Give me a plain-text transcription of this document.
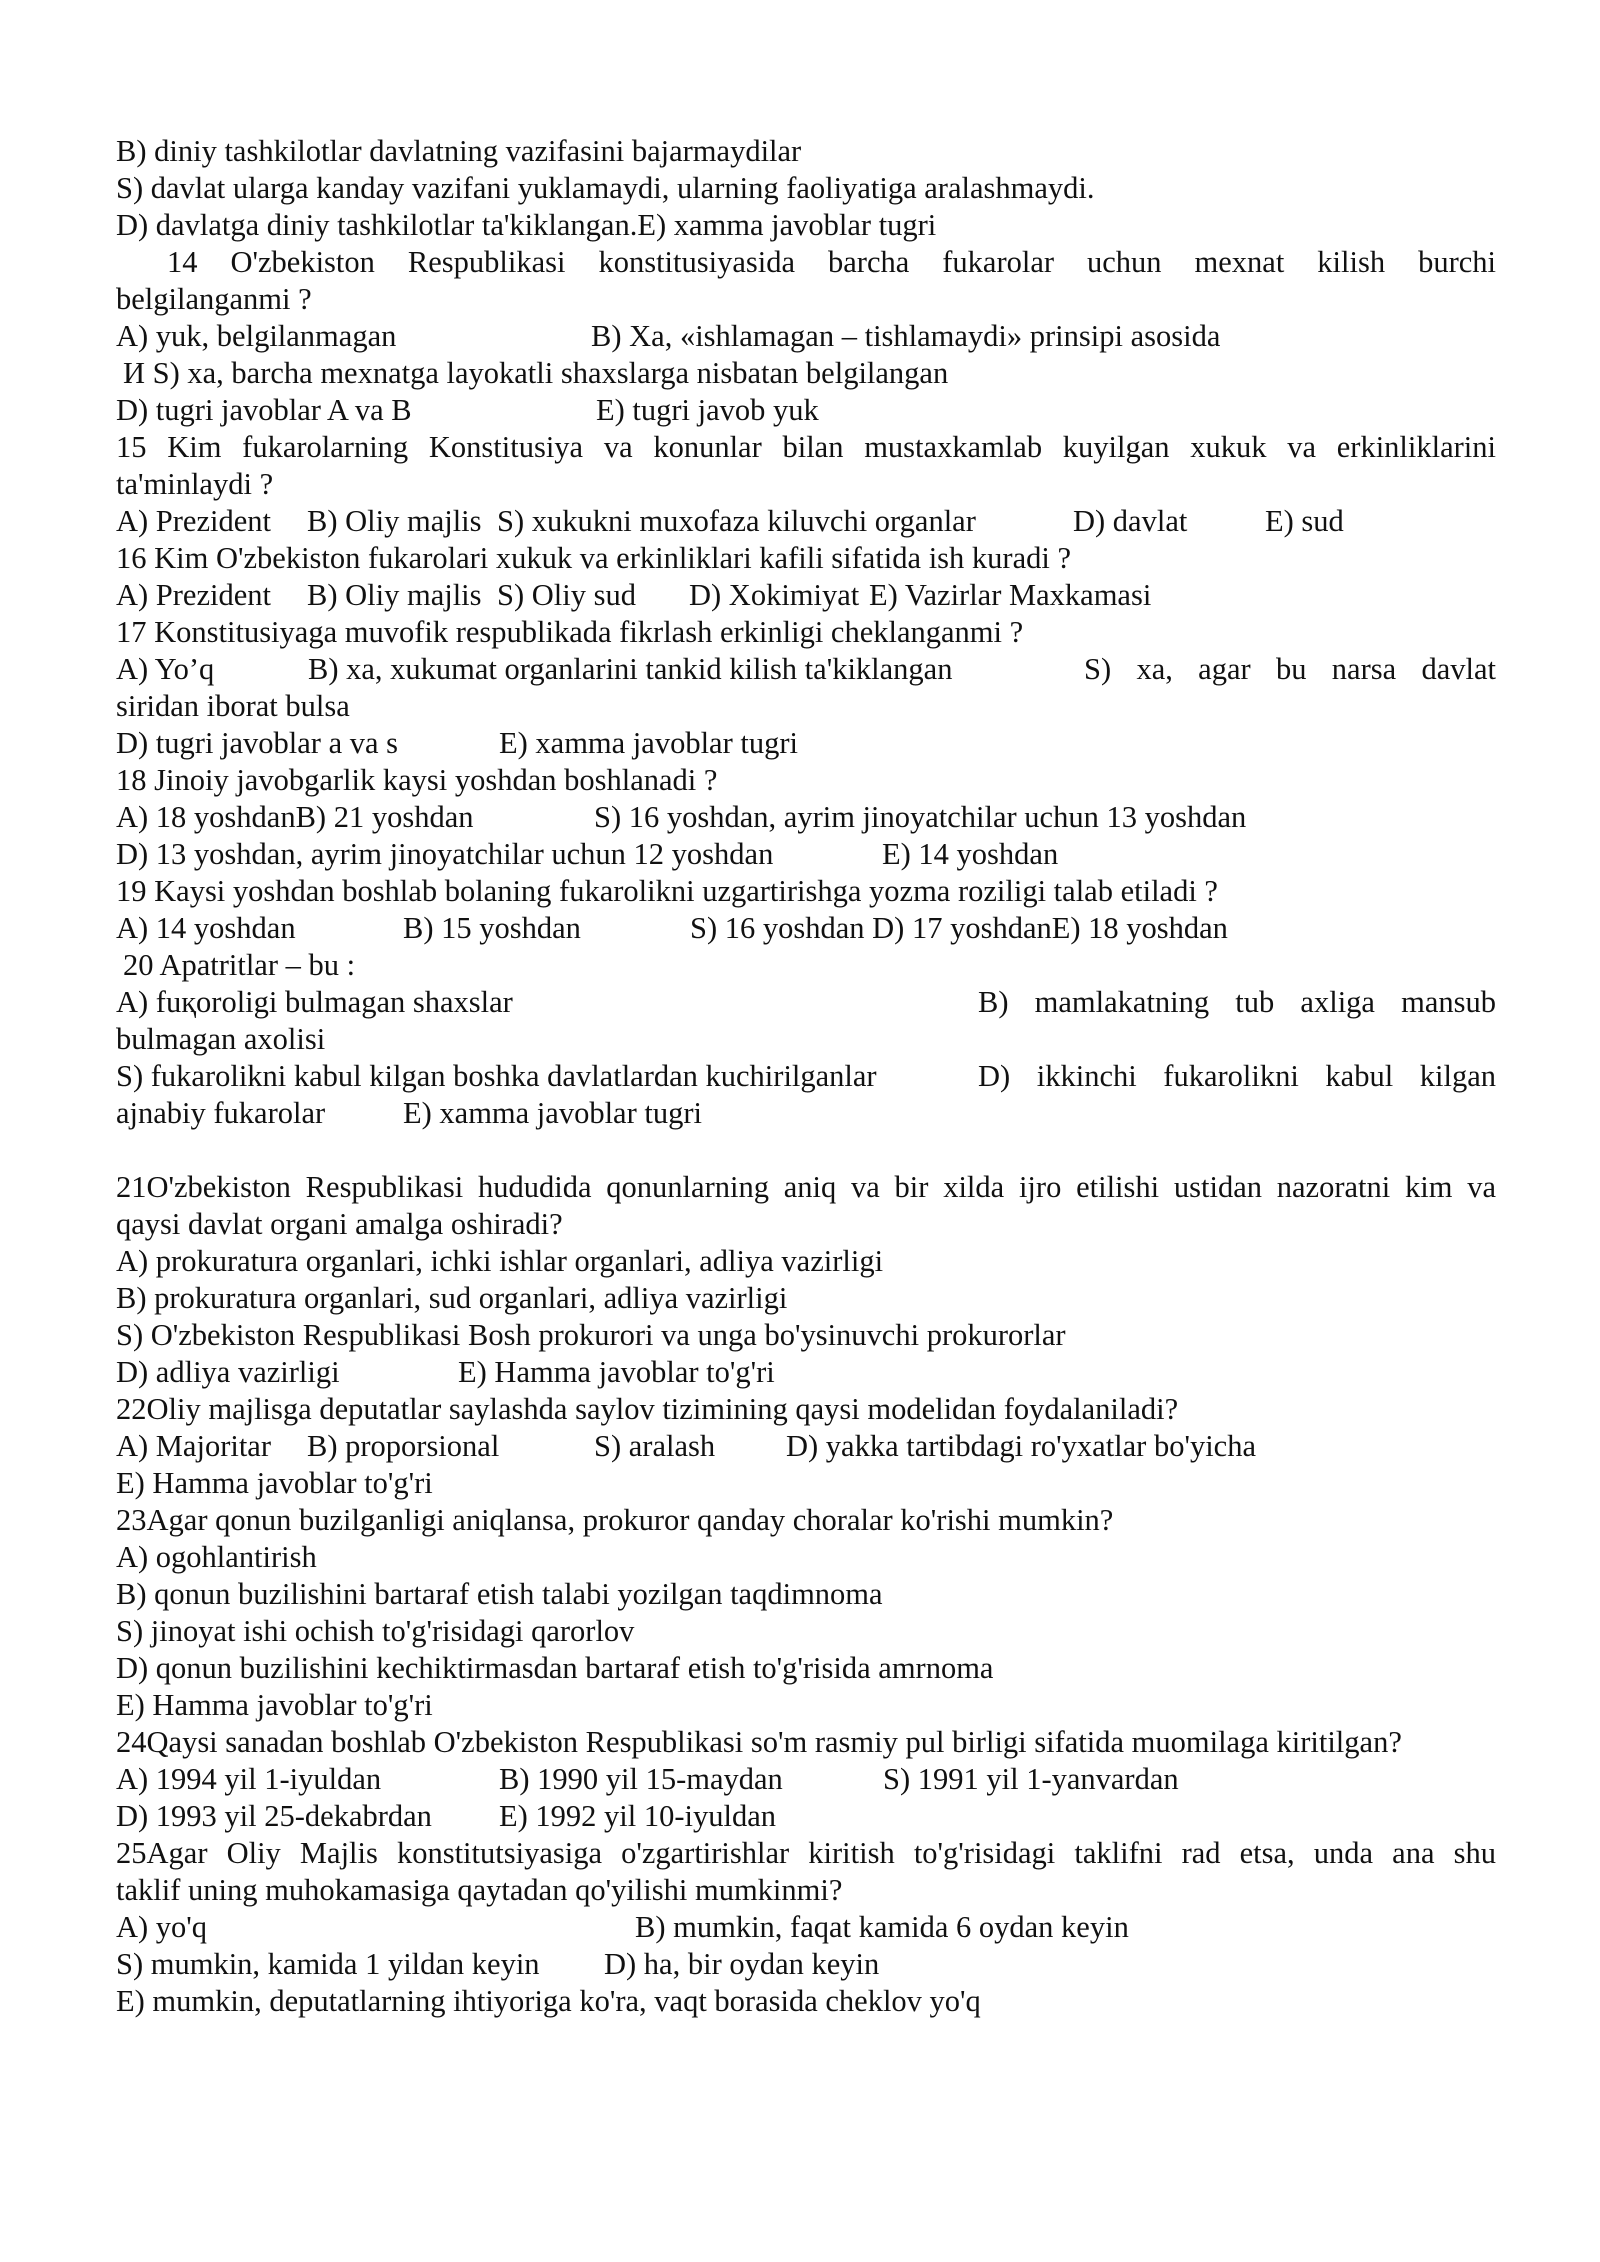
B) diniy tashkilotlar davlatning vazifasini bajarmaydilar
S) davlat ularga kanday vazifani yuklamaydi, ularning faoliyatiga aralashmaydi.
D) davlatga diniy tashkilotlar ta'kiklangan.E) xamma javoblar tugri
14 O'zbekiston Respublikasi konstitusiyasida barcha fukarolar uchun mexnat kilish burchi
belgilanganmi ?
A) yuk, belgilanmagan	B) Xa, «ishlamagan – tishlamaydi» prinsipi asosida
И S) xa, barcha mexnatga layokatli shaxslarga nisbatan belgilangan
D) tugri javoblar A va B	E) tugri javob yuk
15 Kim fukarolarning Konstitusiya va konunlar bilan mustaxkamlab kuyilgan xukuk va erkinliklarini
ta'minlaydi ?
A) Prezident	B) Oliy majlis S) xukukni muxofaza kiluvchi organlar	D) davlat	E) sud
16 Kim O'zbekiston fukarolari xukuk va erkinliklari kafili sifatida ish kuradi ?
A) Prezident	B) Oliy majlis S) Oliy sud	D) Xokimiyat E) Vazirlar Maxkamasi
17 Konstitusiyaga muvofik respublikada fikrlash erkinligi cheklanganmi ?
A) Yo’q	B) xa, xukumat organlarini tankid kilish ta'kiklangan	S) xa, agar bu narsa davlat
siridan iborat bulsa
D) tugri javoblar a va s	E) xamma javoblar tugri
18 Jinoiy javobgarlik kaysi yoshdan boshlanadi ?
A) 18 yoshdanB) 21 yoshdan	S) 16 yoshdan, ayrim jinoyatchilar uchun 13 yoshdan
D) 13 yoshdan, ayrim jinoyatchilar uchun 12 yoshdan	E) 14 yoshdan
19 Kaysi yoshdan boshlab bolaning fukarolikni uzgartirishga yozma roziligi talab etiladi ?
A) 14 yoshdan	B) 15 yoshdan	S) 16 yoshdan D) 17 yoshdanE) 18 yoshdan
20 Apatritlar – bu :
A) fuқoroligi bulmagan shaxslar	B) mamlakatning tub axliga mansub
bulmagan axolisi
S) fukarolikni kabul kilgan boshka davlatlardan kuchirilganlar	D) ikkinchi fukarolikni kabul kilgan
ajnabiy fukarolar	E) xamma javoblar tugri
21O'zbekiston Respublikasi hududida qonunlarning aniq va bir xilda ijro etilishi ustidan nazoratni kim va
qaysi davlat organi amalga oshiradi?
A) prokuratura organlari, ichki ishlar organlari, adliya vazirligi
B) prokuratura organlari, sud organlari, adliya vazirligi
S) O'zbekiston Respublikasi Bosh prokurori va unga bo'ysinuvchi prokurorlar
D) adliya vazirligi	E) Hamma javoblar to'g'ri
22Oliy majlisga deputatlar saylashda saylov tizimining qaysi modelidan foydalaniladi?
A) Majoritar	B) proporsional	S) aralash	D) yakka tartibdagi ro'yxatlar bo'yicha
E) Hamma javoblar to'g'ri
23Agar qonun buzilganligi aniqlansa, prokuror qanday choralar ko'rishi mumkin?
A) ogohlantirish
B) qonun buzilishini bartaraf etish talabi yozilgan taqdimnoma
S) jinoyat ishi ochish to'g'risidagi qarorlov
D) qonun buzilishini kechiktirmasdan bartaraf etish to'g'risida amrnoma
E) Hamma javoblar to'g'ri
24Qaysi sanadan boshlab O'zbekiston Respublikasi so'm rasmiy pul birligi sifatida muomilaga kiritilgan?
A) 1994 yil 1-iyuldan	B) 1990 yil 15-maydan	S) 1991 yil 1-yanvardan
D) 1993 yil 25-dekabrdan	E) 1992 yil 10-iyuldan
25Agar Oliy Majlis konstitutsiyasiga o'zgartirishlar kiritish to'g'risidagi taklifni rad etsa, unda ana shu
taklif uning muhokamasiga qaytadan qo'yilishi mumkinmi?
A) yo'q	B) mumkin, faqat kamida 6 oydan keyin
S) mumkin, kamida 1 yildan keyin	D) ha, bir oydan keyin
E) mumkin, deputatlarning ihtiyoriga ko'ra, vaqt borasida cheklov yo'q
